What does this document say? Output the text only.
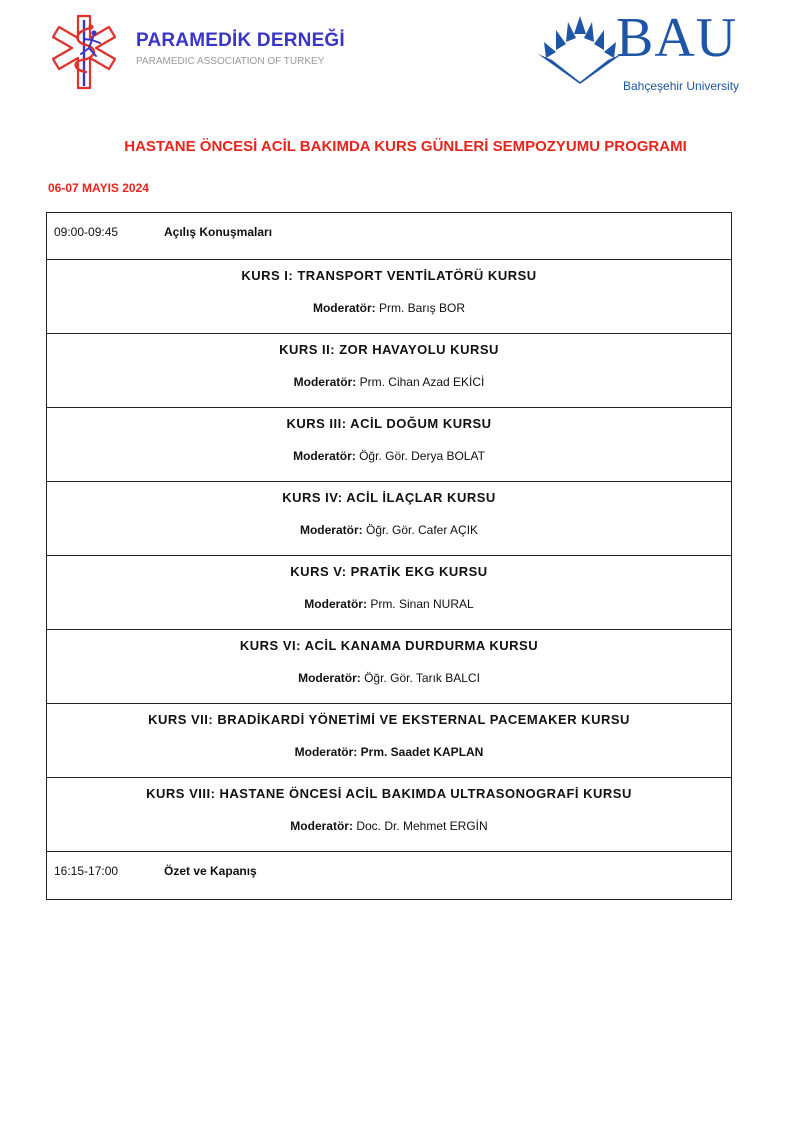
PARAMEDİK DERNEĞİ
PARAMEDIC ASSOCIATION OF TURKEY	BAU
Bahçeşehir University
HASTANE ÖNCESİ ACİL BAKIMDA KURS GÜNLERİ SEMPOZYUMU PROGRAMI
06-07 MAYIS 2024
09:00-09:45	Açılış Konuşmaları
KURS I: TRANSPORT VENTİLATÖRÜ KURSU
Moderatör: Prm. Barış BOR
KURS II: ZOR HAVAYOLU KURSU
Moderatör: Prm. Cihan Azad EKİCİ
KURS III: ACİL DOĞUM KURSU
Moderatör: Öğr. Gör. Derya BOLAT
KURS IV: ACİL İLAÇLAR KURSU
Moderatör: Öğr. Gör. Cafer AÇIK
KURS V: PRATİK EKG KURSU
Moderatör: Prm. Sinan NURAL
KURS VI: ACİL KANAMA DURDURMA KURSU
Moderatör: Öğr. Gör. Tarık BALCI
KURS VII: BRADİKARDİ YÖNETİMİ VE EKSTERNAL PACEMAKER KURSU
Moderatör: Prm. Saadet KAPLAN
KURS VIII: HASTANE ÖNCESİ ACİL BAKIMDA ULTRASONOGRAFİ KURSU
Moderatör: Doc. Dr. Mehmet ERGİN
16:15-17:00	Özet ve Kapanış
